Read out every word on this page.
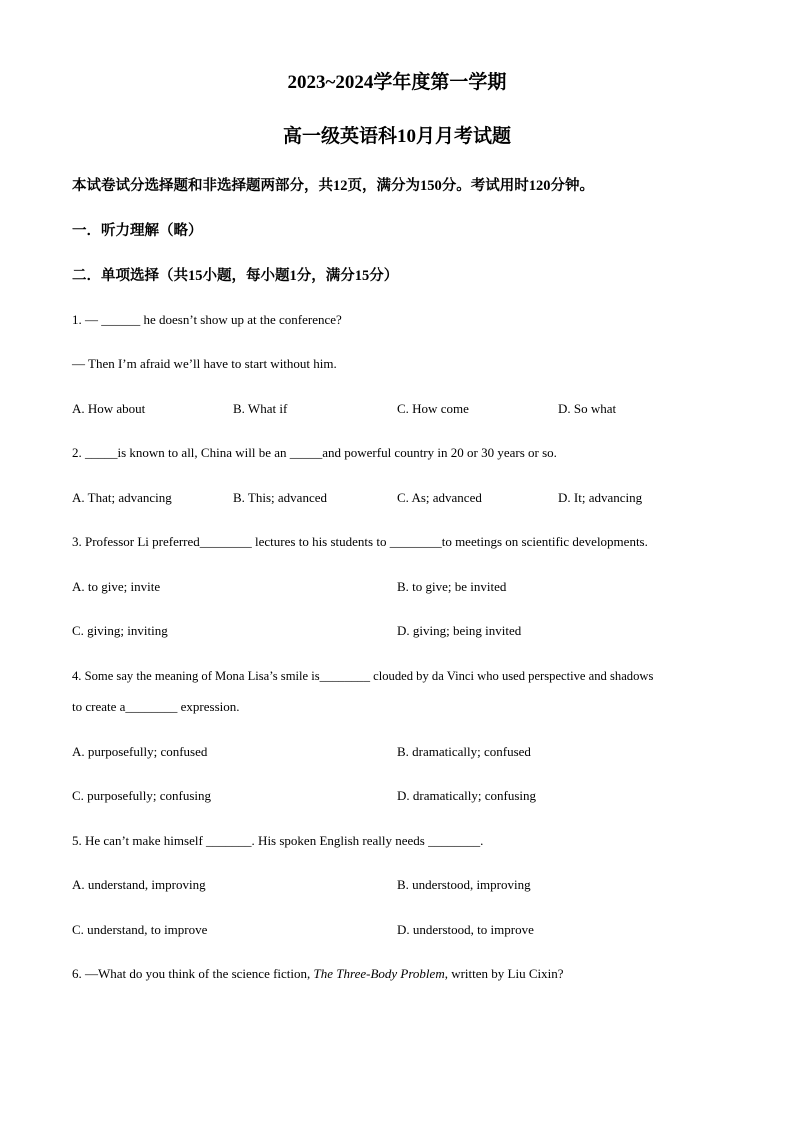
2023~2024学年度第一学期
高一级英语科10月月考试题
本试卷试分选择题和非选择题两部分，共12页，满分为150分。考试用时120分钟。
一．听力理解（略）
二．单项选择（共15小题，每小题1分，满分15分）
1. — ______ he doesn’t show up at the conference?
— Then I’m afraid we’ll have to start without him.
A. How about	B. What if	C. How come	D. So what
2. _____is known to all, China will be an _____and powerful country in 20 or 30 years or so.
A. That; advancing	B. This; advanced	C. As; advanced	D. It; advancing
3. Professor Li preferred________ lectures to his students to ________to meetings on scientific developments.
A. to give; invite	B. to give; be invited
C. giving; inviting	D. giving; being invited
4. Some say the meaning of Mona Lisa’s smile is________ clouded by da Vinci who used perspective and shadows
to create a________ expression.
A. purposefully; confused	B. dramatically; confused
C. purposefully; confusing	D. dramatically; confusing
5. He can’t make himself _______. His spoken English really needs ________.
A. understand, improving	B. understood, improving
C. understand, to improve	D. understood, to improve
6. —What do you think of the science fiction, The Three-Body Problem, written by Liu Cixin?
